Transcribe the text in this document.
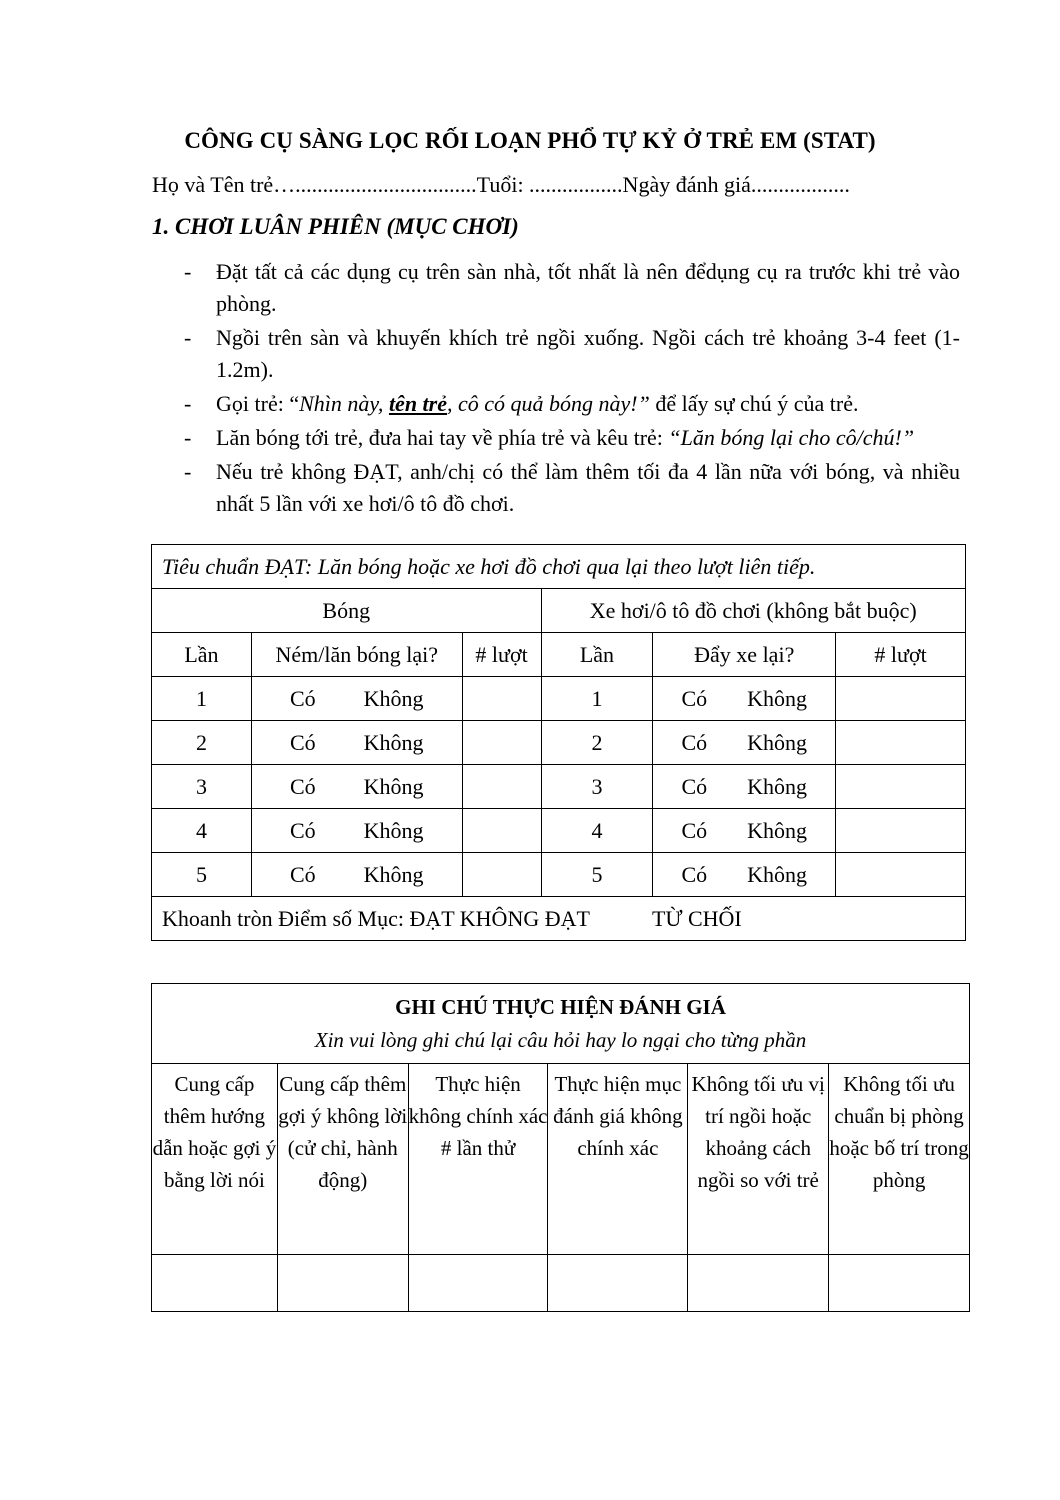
CÔNG CỤ SÀNG LỌC RỐI LOẠN PHỔ TỰ KỶ Ở TRẺ EM (STAT)
Họ và Tên trẻ….................................Tuổi: .................Ngày đánh giá..................
1. CHƠI LUÂN PHIÊN (MỤC CHƠI)
- Đặt tất cả các dụng cụ trên sàn nhà, tốt nhất là nên đểdụng cụ ra trước khi trẻ vào phòng.
- Ngồi trên sàn và khuyến khích trẻ ngồi xuống. Ngồi cách trẻ khoảng 3-4 feet (1-1.2m).
- Gọi trẻ: “Nhìn này, tên trẻ, cô có quả bóng này!” để lấy sự chú ý của trẻ.
- Lăn bóng tới trẻ, đưa hai tay về phía trẻ và kêu trẻ: “Lăn bóng lại cho cô/chú!”
- Nếu trẻ không ĐẠT, anh/chị có thể làm thêm tối đa 4 lần nữa với bóng, và nhiều nhất 5 lần với xe hơi/ô tô đồ chơi.
Tiêu chuẩn ĐẠT: Lăn bóng hoặc xe hơi đồ chơi qua lại theo lượt liên tiếp.					
Bóng			Xe hơi/ô tô đồ chơi (không bắt buộc)		
Lần	Ném/lăn bóng lại?	# lượt	Lần	Đẩy xe lại?	# lượt
1	Có Không		1	Có Không	
2	Có Không		2	Có Không	
3	Có Không		3	Có Không	
4	Có Không		4	Có Không	
5	Có Không		5	Có Không	
Khoanh tròn Điểm số Mục: ĐẠT KHÔNG ĐẠT TỪ CHỐI					
GHI CHÚ THỰC HIỆN ĐÁNH GIÁ
Xin vui lòng ghi chú lại câu hỏi hay lo ngại cho từng phần					

Cung cấp thêm hướng dẫn hoặc gợi ý bằng lời nói	Cung cấp thêm gợi ý không lời (cử chỉ, hành động)	Thực hiện không chính xác # lần thử	Thực hiện mục đánh giá không chính xác	Không tối ưu vị trí ngồi hoặc khoảng cách ngồi so với trẻ	Không tối ưu chuẩn bị phòng hoặc bố trí trong phòng
